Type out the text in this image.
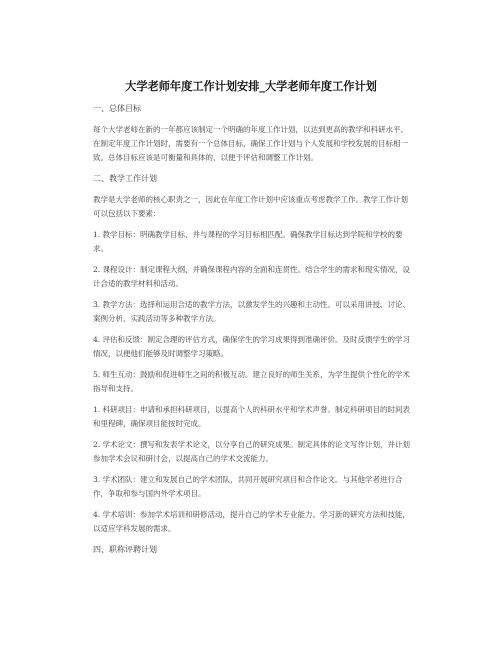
大学老师年度工作计划安排_大学老师年度工作计划
一、总体目标

每个大学老师在新的一年都应该制定一个明确的年度工作计划，以达到更高的教学和科研水平。在制定年度工作计划时，需要有一个总体目标，确保工作计划与个人发展和学校发展的目标相一致。总体目标应该是可衡量和具体的，以便于评估和调整工作计划。

二、教学工作计划

教学是大学老师的核心职责之一，因此在年度工作计划中应该重点考虑教学工作。教学工作计划可以包括以下要素：

1. 教学目标：明确教学目标，并与课程的学习目标相匹配。确保教学目标达到学院和学校的要求。

2. 课程设计：制定课程大纲，并确保课程内容的全面和连贯性。结合学生的需求和现实情况，设计合适的教学材料和活动。

3. 教学方法：选择和运用合适的教学方法，以激发学生的兴趣和主动性。可以采用讲授、讨论、案例分析、实践活动等多种教学方法。

4. 评估和反馈：制定合理的评估方式，确保学生的学习成果得到准确评价。及时反馈学生的学习情况，以便他们能够及时调整学习策略。

5. 师生互动：鼓励和促进师生之间的积极互动。建立良好的师生关系，为学生提供个性化的学术指导和支持。

1. 科研项目：申请和承担科研项目，以提高个人的科研水平和学术声誉。制定科研项目的时间表和里程碑，确保项目能按时完成。

2. 学术论文：撰写和发表学术论文，以分享自己的研究成果。制定具体的论文写作计划，并计划参加学术会议和研讨会，以提高自己的学术交流能力。

3. 学术团队：建立和发展自己的学术团队，共同开展研究项目和合作论文。与其他学者进行合作，争取和参与国内外学术项目。

4. 学术培训：参加学术培训和研修活动，提升自己的学术专业能力。学习新的研究方法和技能，以适应学科发展的需求。

四、职称评聘计划
